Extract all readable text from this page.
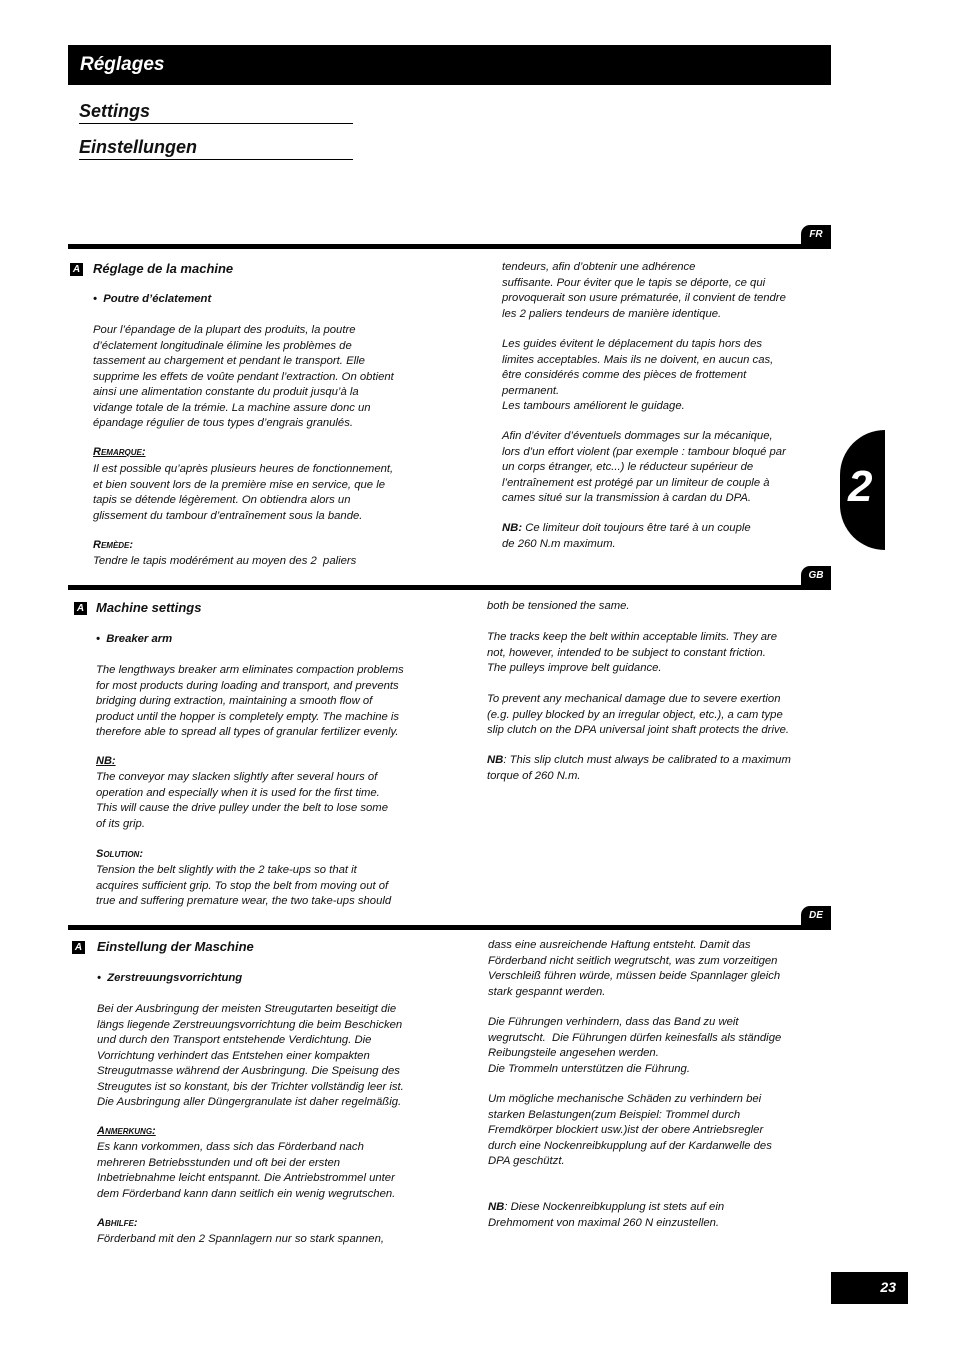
Réglages
Settings
Einstellungen
2
FR
A Réglage de la machine
•  Poutre d’éclatement
Pour l’épandage de la plupart des produits, la poutre
d’éclatement longitudinale élimine les problèmes de
tassement au chargement et pendant le transport. Elle
supprime les effets de voûte pendant l’extraction. On obtient
ainsi une alimentation constante du produit jusqu’à la
vidange totale de la trémie. La machine assure donc un
épandage régulier de tous types d’engrais granulés.
Remarque:
Il est possible qu’après plusieurs heures de fonctionnement,
et bien souvent lors de la première mise en service, que le
tapis se détende légèrement. On obtiendra alors un
glissement du tambour d’entraînement sous la bande.
Remède:
Tendre le tapis modérément au moyen des 2  paliers
tendeurs, afin d’obtenir une adhérence
suffisante. Pour éviter que le tapis se déporte, ce qui
provoquerait son usure prématurée, il convient de tendre
les 2 paliers tendeurs de manière identique.
Les guides évitent le déplacement du tapis hors des
limites acceptables. Mais ils ne doivent, en aucun cas,
être considérés comme des pièces de frottement
permanent.
Les tambours améliorent le guidage.
Afin d’éviter d’éventuels dommages sur la mécanique,
lors d’un effort violent (par exemple : tambour bloqué par
un corps étranger, etc...) le réducteur supérieur de
l’entraînement est protégé par un limiteur de couple à
cames situé sur la transmission à cardan du DPA.
NB: Ce limiteur doit toujours être taré à un couple
de 260 N.m maximum.
GB
A Machine settings
•  Breaker arm
The lengthways breaker arm eliminates compaction problems
for most products during loading and transport, and prevents
bridging during extraction, maintaining a smooth flow of
product until the hopper is completely empty. The machine is
therefore able to spread all types of granular fertilizer evenly.
NB:
The conveyor may slacken slightly after several hours of
operation and especially when it is used for the first time.
This will cause the drive pulley under the belt to lose some
of its grip.
Solution:
Tension the belt slightly with the 2 take-ups so that it
acquires sufficient grip. To stop the belt from moving out of
true and suffering premature wear, the two take-ups should
both be tensioned the same.
The tracks keep the belt within acceptable limits. They are
not, however, intended to be subject to constant friction.
The pulleys improve belt guidance.
To prevent any mechanical damage due to severe exertion
(e.g. pulley blocked by an irregular object, etc.), a cam type
slip clutch on the DPA universal joint shaft protects the drive.
NB: This slip clutch must always be calibrated to a maximum
torque of 260 N.m.
DE
A Einstellung der Maschine
•  Zerstreuungsvorrichtung
Bei der Ausbringung der meisten Streugutarten beseitigt die
längs liegende Zerstreuungsvorrichtung die beim Beschicken
und durch den Transport entstehende Verdichtung. Die
Vorrichtung verhindert das Entstehen einer kompakten
Streugutmasse während der Ausbringung. Die Speisung des
Streugutes ist so konstant, bis der Trichter vollständig leer ist.
Die Ausbringung aller Düngergranulate ist daher regelmäßig.
Anmerkung:
Es kann vorkommen, dass sich das Förderband nach
mehreren Betriebsstunden und oft bei der ersten
Inbetriebnahme leicht entspannt. Die Antriebstrommel unter
dem Förderband kann dann seitlich ein wenig wegrutschen.
Abhilfe:
Förderband mit den 2 Spannlagern nur so stark spannen,
dass eine ausreichende Haftung entsteht. Damit das
Förderband nicht seitlich wegrutscht, was zum vorzeitigen
Verschleiß führen würde, müssen beide Spannlager gleich
stark gespannt werden.
Die Führungen verhindern, dass das Band zu weit
wegrutscht.  Die Führungen dürfen keinesfalls als ständige
Reibungsteile angesehen werden.
Die Trommeln unterstützen die Führung.
Um mögliche mechanische Schäden zu verhindern bei
starken Belastungen(zum Beispiel: Trommel durch
Fremdkörper blockiert usw.)ist der obere Antriebsregler
durch eine Nockenreibkupplung auf der Kardanwelle des
DPA geschützt.
NB: Diese Nockenreibkupplung ist stets auf ein
Drehmoment von maximal 260 N einzustellen.
23
